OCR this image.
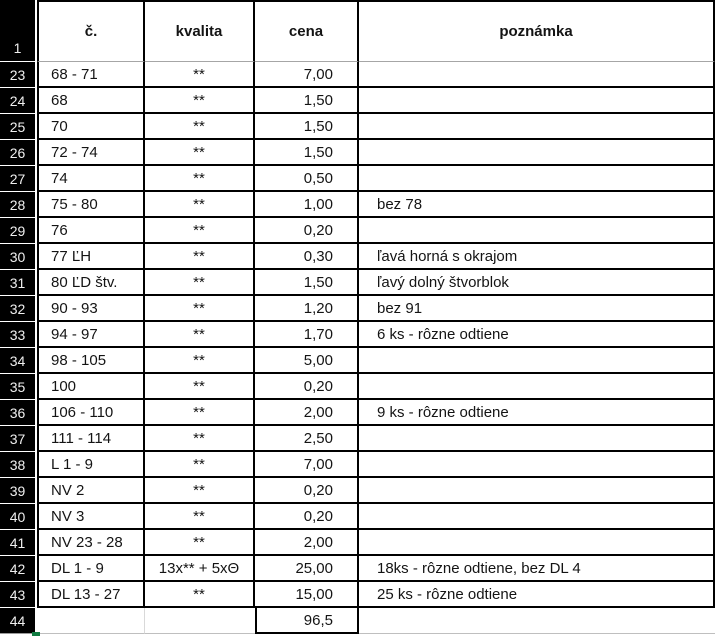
1	č.	kvalita	cena	poznámka
23	68 - 71	**	7,00	
24	68	**	1,50	
25	70	**	1,50	
26	72 - 74	**	1,50	
27	74	**	0,50	
28	75 - 80	**	1,00	bez 78
29	76	**	0,20	
30	77 ĽH	**	0,30	ľavá horná s okrajom
31	80 ĽD štv.	**	1,50	ľavý dolný štvorblok
32	90 - 93	**	1,20	bez 91
33	94 - 97	**	1,70	6 ks - rôzne odtiene
34	98 - 105	**	5,00	
35	100	**	0,20	
36	106 - 110	**	2,00	9 ks - rôzne odtiene
37	111 - 114	**	2,50	
38	L 1 - 9	**	7,00	
39	NV 2	**	0,20	
40	NV 3	**	0,20	
41	NV 23 - 28	**	2,00	
42	DL 1 - 9	13x** + 5xΘ	25,00	18ks - rôzne odtiene, bez DL 4
43	DL 13 - 27	**	15,00	25 ks - rôzne odtiene
44			96,5	
